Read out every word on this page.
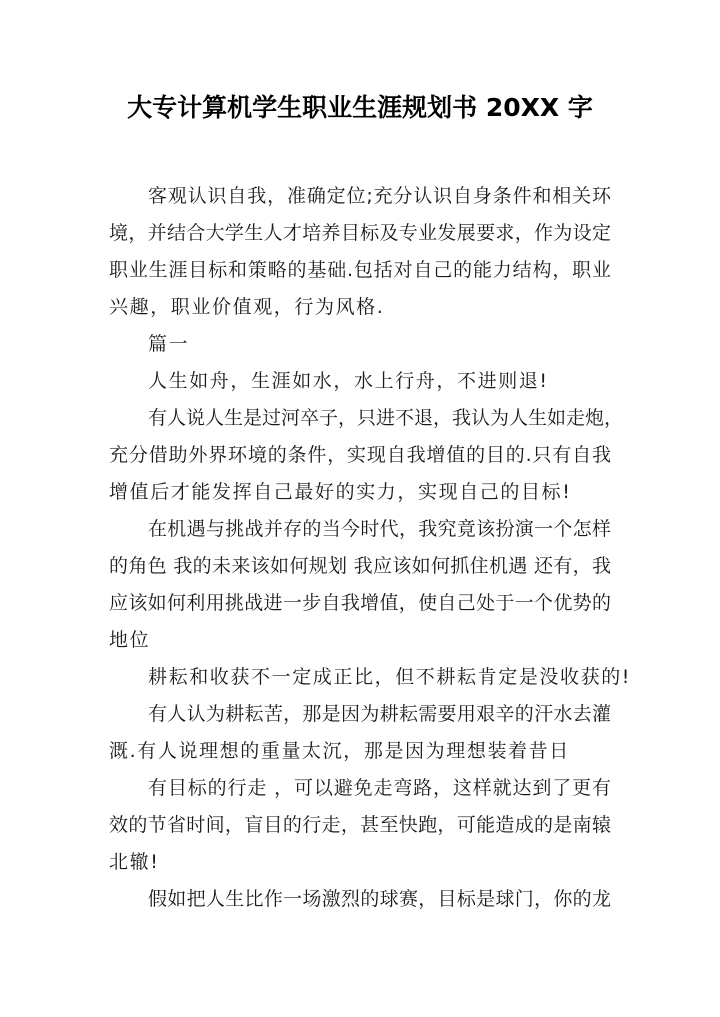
大专计算机学生职业生涯规划书 20XX 字
客观认识自我，准确定位;充分认识自身条件和相关环
境，并结合大学生人才培养目标及专业发展要求，作为设定
职业生涯目标和策略的基础.包括对自己的能力结构，职业
兴趣，职业价值观，行为风格.
篇一
人生如舟，生涯如水，水上行舟，不进则退!
有人说人生是过河卒子，只进不退，我认为人生如走炮，
充分借助外界环境的条件，实现自我增值的目的.只有自我
增值后才能发挥自己最好的实力，实现自己的目标!
在机遇与挑战并存的当今时代，我究竟该扮演一个怎样
的角色 我的未来该如何规划 我应该如何抓住机遇 还有，我
应该如何利用挑战进一步自我增值，使自己处于一个优势的
地位
耕耘和收获不一定成正比，但不耕耘肯定是没收获的!
有人认为耕耘苦，那是因为耕耘需要用艰辛的汗水去灌
溉.有人说理想的重量太沉，那是因为理想装着昔日
有目标的行走 ，可以避免走弯路，这样就达到了更有
效的节省时间，盲目的行走，甚至快跑，可能造成的是南辕
北辙!
假如把人生比作一场激烈的球赛，目标是球门，你的龙
